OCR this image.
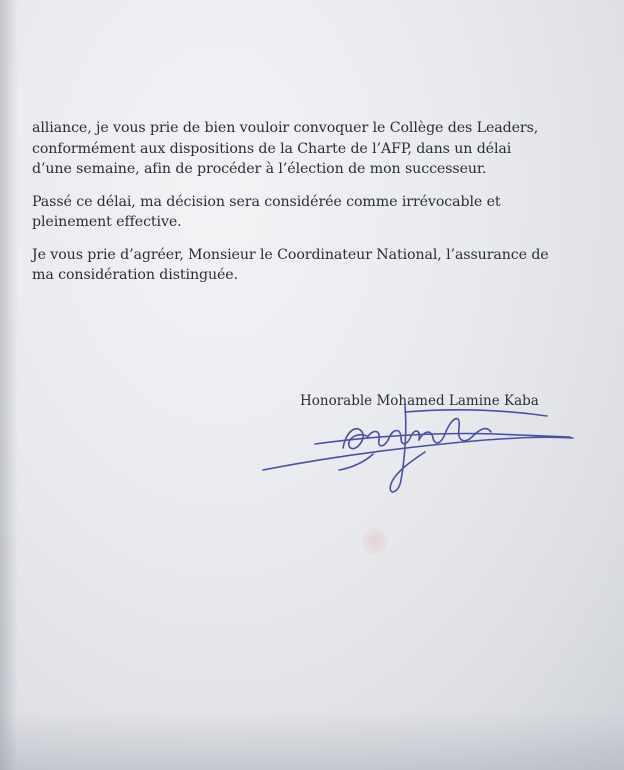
alliance, je vous prie de bien vouloir convoquer le Collège des Leaders,
conformément aux dispositions de la Charte de l’AFP, dans un délai
d’une semaine, afin de procéder à l’élection de mon successeur.

Passé ce délai, ma décision sera considérée comme irrévocable et
pleinement effective.

Je vous prie d’agréer, Monsieur le Coordinateur National, l’assurance de
ma considération distinguée.

Honorable Mohamed Lamine Kaba
